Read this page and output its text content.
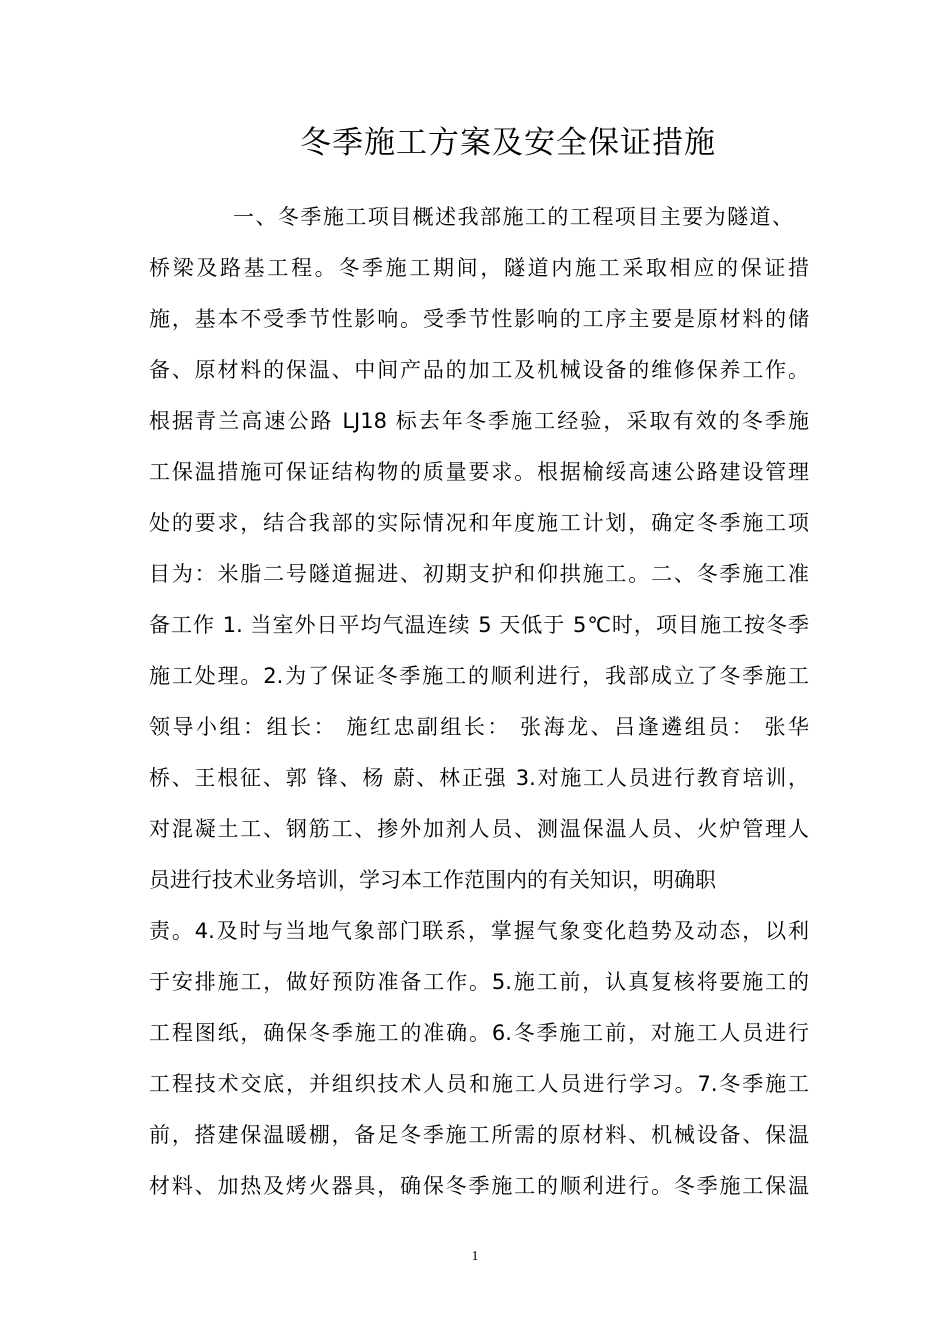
冬季施工方案及安全保证措施
一、冬季施工项目概述我部施工的工程项目主要为隧道、
桥梁及路基工程。冬季施工期间，隧道内施工采取相应的保证措
施，基本不受季节性影响。受季节性影响的工序主要是原材料的储
备、原材料的保温、中间产品的加工及机械设备的维修保养工作。
根据青兰高速公路 LJ18 标去年冬季施工经验，采取有效的冬季施
工保温措施可保证结构物的质量要求。根据榆绥高速公路建设管理
处的要求，结合我部的实际情况和年度施工计划，确定冬季施工项
目为：米脂二号隧道掘进、初期支护和仰拱施工。二、冬季施工准
备工作 1. 当室外日平均气温连续 5 天低于 5℃时，项目施工按冬季
施工处理。2.为了保证冬季施工的顺利进行，我部成立了冬季施工
领导小组：组长： 施红忠副组长： 张海龙、吕逢遴组员： 张华
桥、王根征、郭 锋、杨 蔚、林正强 3.对施工人员进行教育培训，
对混凝土工、钢筋工、掺外加剂人员、测温保温人员、火炉管理人
员进行技术业务培训，学习本工作范围内的有关知识，明确职
责。4.及时与当地气象部门联系，掌握气象变化趋势及动态，以利
于安排施工，做好预防准备工作。5.施工前，认真复核将要施工的
工程图纸，确保冬季施工的准确。6.冬季施工前，对施工人员进行
工程技术交底，并组织技术人员和施工人员进行学习。7.冬季施工
前，搭建保温暖棚，备足冬季施工所需的原材料、机械设备、保温
材料、加热及烤火器具，确保冬季施工的顺利进行。冬季施工保温
1
